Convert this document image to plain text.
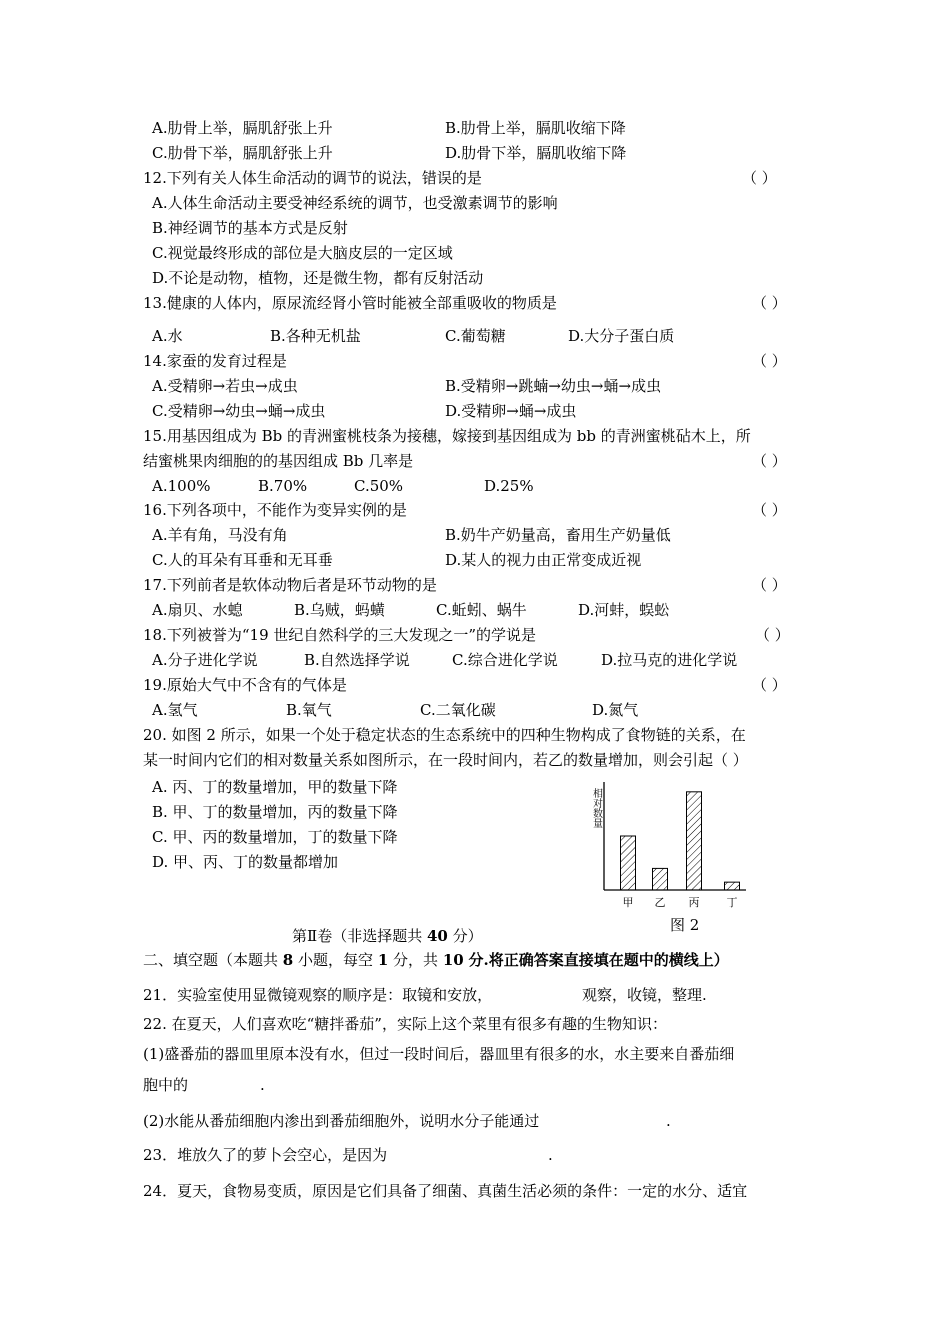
A.肋骨上举，膈肌舒张上升	B.肋骨上举，膈肌收缩下降
C.肋骨下举，膈肌舒张上升	D.肋骨下举，膈肌收缩下降
12.下列有关人体生命活动的调节的说法，错误的是	（ ）
A.人体生命活动主要受神经系统的调节，也受激素调节的影响
B.神经调节的基本方式是反射
C.视觉最终形成的部位是大脑皮层的一定区域
D.不论是动物，植物，还是微生物，都有反射活动
13.健康的人体内，原尿流经肾小管时能被全部重吸收的物质是	（ ）
A.水	B.各种无机盐	C.葡萄糖	D.大分子蛋白质
14.家蚕的发育过程是	（ ）
A.受精卵→若虫→成虫	B.受精卵→跳蝻→幼虫→蛹→成虫
C.受精卵→幼虫→蛹→成虫	D.受精卵→蛹→成虫
15.用基因组成为 Bb 的青洲蜜桃枝条为接穗，嫁接到基因组成为 bb 的青洲蜜桃砧木上，所
结蜜桃果肉细胞的的基因组成 Bb 几率是	（ ）
A.100%	B.70%	C.50%	D.25%
16.下列各项中，不能作为变异实例的是	（ ）
A.羊有角，马没有角	B.奶牛产奶量高，畜用生产奶量低
C.人的耳朵有耳垂和无耳垂	D.某人的视力由正常变成近视
17.下列前者是软体动物后者是环节动物的是	（ ）
A.扇贝、水螅	B.乌贼，蚂蟥	C.蚯蚓、蜗牛	D.河蚌，蜈蚣
18.下列被誉为“19 世纪自然科学的三大发现之一”的学说是	（ ）
A.分子进化学说	B.自然选择学说	C.综合进化学说	D.拉马克的进化学说
19.原始大气中不含有的气体是	（ ）
A.氢气	B.氧气	C.二氧化碳	D.氮气
20. 如图 2 所示，如果一个处于稳定状态的生态系统中的四种生物构成了食物链的关系，在
某一时间内它们的相对数量关系如图所示，在一段时间内，若乙的数量增加，则会引起（ ）
A. 丙、丁的数量增加，甲的数量下降
B. 甲、丁的数量增加，丙的数量下降
C. 甲、丙的数量增加，丁的数量下降
D. 甲、丙、丁的数量都增加
相对数量
甲 乙 丙 丁
图 2
第Ⅱ卷（非选择题共 40 分）
二、填空题（本题共 8 小题，每空 1 分，共 10 分.将正确答案直接填在题中的横线上）
21．实验室使用显微镜观察的顺序是：取镜和安放，	观察，收镜，整理.
22. 在夏天，人们喜欢吃“糖拌番茄”，实际上这个菜里有很多有趣的生物知识：
(1)盛番茄的器皿里原本没有水，但过一段时间后，器皿里有很多的水，水主要来自番茄细
胞中的	.
(2)水能从番茄细胞内渗出到番茄细胞外，说明水分子能通过	.
23．堆放久了的萝卜会空心，是因为	.
24．夏天，食物易变质，原因是它们具备了细菌、真菌生活必须的条件：一定的水分、适宜
